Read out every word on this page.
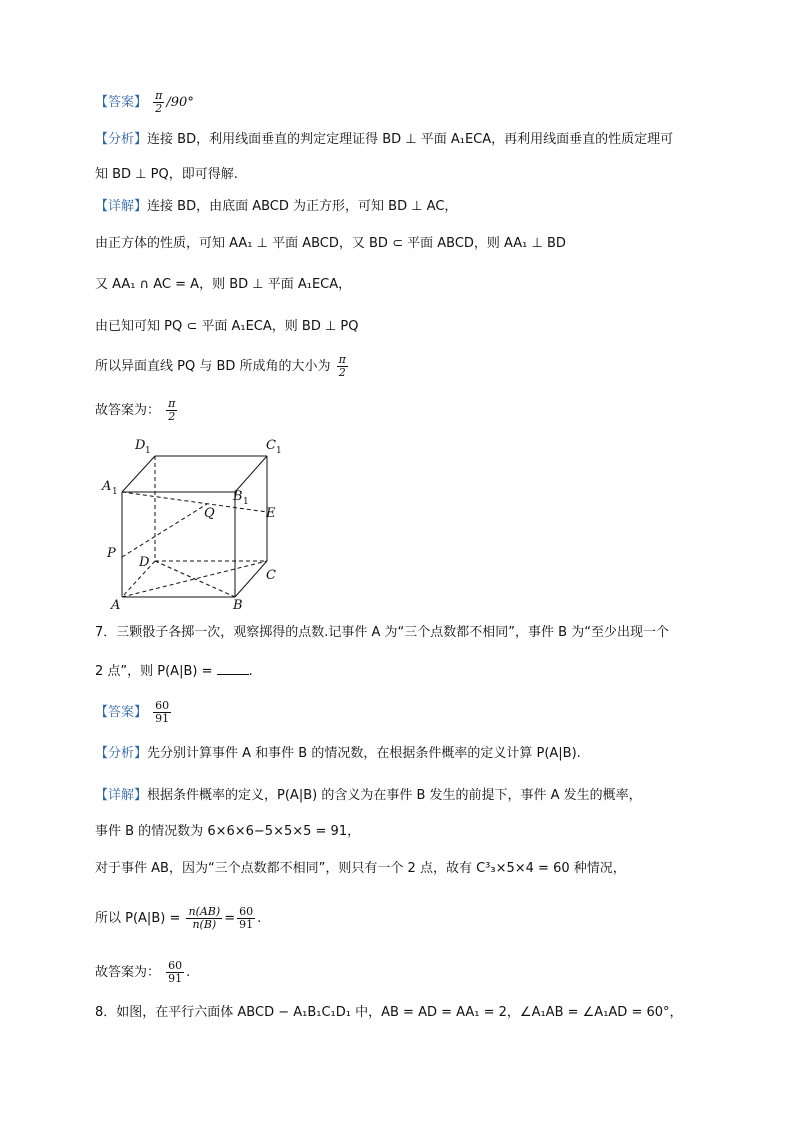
【答案】 $\frac{\pi}{2} /90^\circ$
【分析】连接 BD，利用线面垂直的判定定理证得 BD ⊥ 平面 A₁ECA，再利用线面垂直的性质定理可
知 BD ⊥ PQ，即可得解.
【详解】连接 BD，由底面 ABCD 为正方形，可知 BD ⊥ AC，
由正方体的性质，可知 AA₁ ⊥ 平面 ABCD，又 BD ⊂ 平面 ABCD，则 AA₁ ⊥ BD
又 AA₁ ∩ AC = A，则 BD ⊥ 平面 A₁ECA，
由已知可知 PQ ⊂ 平面 A₁ECA，则 BD ⊥ PQ
所以异面直线 PQ 与 BD 所成角的大小为 $\frac{\pi}{2}$
故答案为： $\frac{\pi}{2}$
D 1	C 1
A 1	B 1
Q	E
P
D
C
A	B
7．三颗骰子各掷一次，观察掷得的点数.记事件 A 为“三个点数都不相同”，事件 B 为“至少出现一个
2 点”，则 P(A|B) =	.
【答案】 $\frac{60}{91}$
【分析】先分别计算事件 A 和事件 B 的情况数，在根据条件概率的定义计算 P(A|B).
【详解】根据条件概率的定义，P(A|B) 的含义为在事件 B 发生的前提下，事件 A 发生的概率，
事件 B 的情况数为 6×6×6−5×5×5 = 91，
对于事件 AB，因为“三个点数都不相同”，则只有一个 2 点，故有 C³₃×5×4 = 60 种情况，
所以 $P(A|B) = \frac{n(AB)}{n(B)} = \frac{60}{91}$ .
故答案为： $\frac{60}{91}$ .
8．如图，在平行六面体 ABCD − A₁B₁C₁D₁ 中，AB = AD = AA₁ = 2，∠A₁AB = ∠A₁AD = 60°，
